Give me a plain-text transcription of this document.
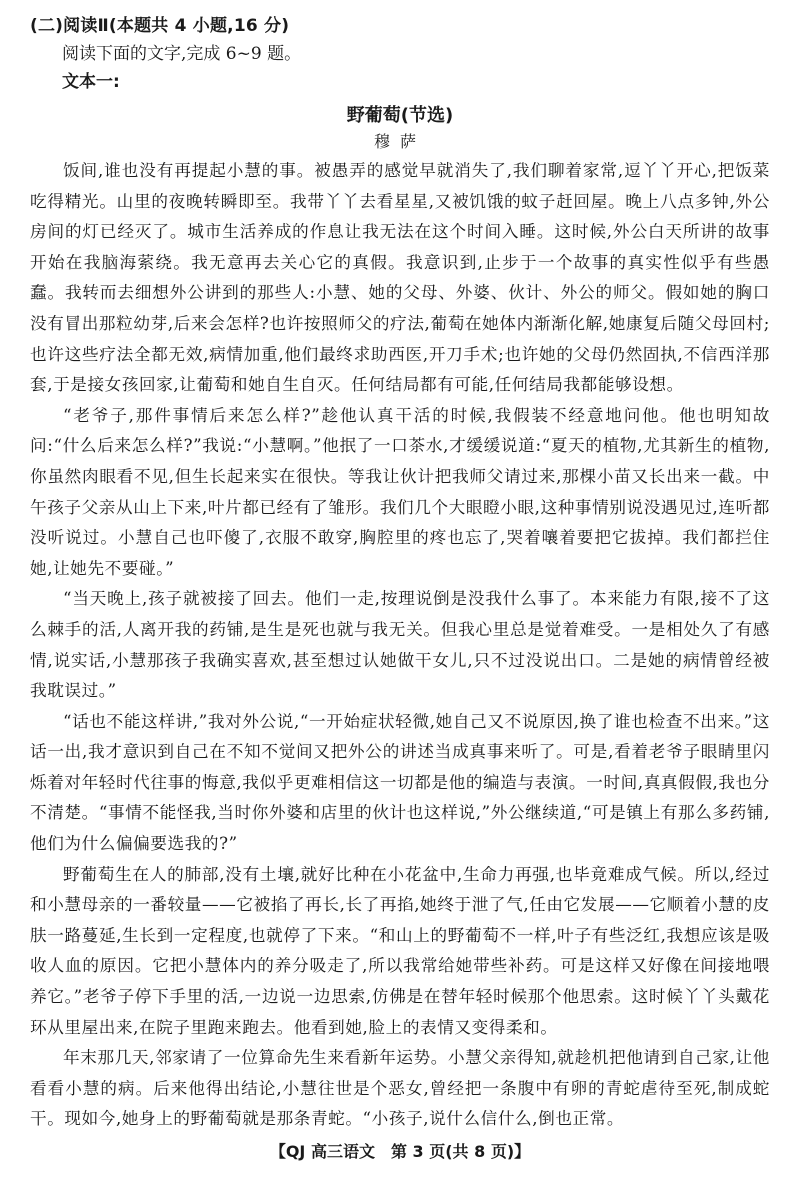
(二)阅读Ⅱ(本题共 4 小题,16 分)

阅读下面的文字,完成 6~9 题。

文本一:

野葡萄(节选)
穆萨

饭间,谁也没有再提起小慧的事。被愚弄的感觉早就消失了,我们聊着家常,逗丫丫开心,把饭菜吃得精光。山里的夜晚转瞬即至。我带丫丫去看星星,又被饥饿的蚊子赶回屋。晚上八点多钟,外公房间的灯已经灭了。城市生活养成的作息让我无法在这个时间入睡。这时候,外公白天所讲的故事开始在我脑海萦绕。我无意再去关心它的真假。我意识到,止步于一个故事的真实性似乎有些愚蠢。我转而去细想外公讲到的那些人:小慧、她的父母、外婆、伙计、外公的师父。假如她的胸口没有冒出那粒幼芽,后来会怎样?也许按照师父的疗法,葡萄在她体内渐渐化解,她康复后随父母回村;也许这些疗法全都无效,病情加重,他们最终求助西医,开刀手术;也许她的父母仍然固执,不信西洋那套,于是接女孩回家,让葡萄和她自生自灭。任何结局都有可能,任何结局我都能够设想。

“老爷子,那件事情后来怎么样?”趁他认真干活的时候,我假装不经意地问他。他也明知故问:“什么后来怎么样?”我说:“小慧啊。”他抿了一口茶水,才缓缓说道:“夏天的植物,尤其新生的植物,你虽然肉眼看不见,但生长起来实在很快。等我让伙计把我师父请过来,那棵小苗又长出来一截。中午孩子父亲从山上下来,叶片都已经有了雏形。我们几个大眼瞪小眼,这种事情别说没遇见过,连听都没听说过。小慧自己也吓傻了,衣服不敢穿,胸腔里的疼也忘了,哭着嚷着要把它拔掉。我们都拦住她,让她先不要碰。”

“当天晚上,孩子就被接了回去。他们一走,按理说倒是没我什么事了。本来能力有限,接不了这么棘手的活,人离开我的药铺,是生是死也就与我无关。但我心里总是觉着难受。一是相处久了有感情,说实话,小慧那孩子我确实喜欢,甚至想过认她做干女儿,只不过没说出口。二是她的病情曾经被我耽误过。”

“话也不能这样讲,”我对外公说,“一开始症状轻微,她自己又不说原因,换了谁也检查不出来。”这话一出,我才意识到自己在不知不觉间又把外公的讲述当成真事来听了。可是,看着老爷子眼睛里闪烁着对年轻时代往事的悔意,我似乎更难相信这一切都是他的编造与表演。一时间,真真假假,我也分不清楚。“事情不能怪我,当时你外婆和店里的伙计也这样说,”外公继续道,“可是镇上有那么多药铺,他们为什么偏偏要选我的?”

野葡萄生在人的肺部,没有土壤,就好比种在小花盆中,生命力再强,也毕竟难成气候。所以,经过和小慧母亲的一番较量——它被掐了再长,长了再掐,她终于泄了气,任由它发展——它顺着小慧的皮肤一路蔓延,生长到一定程度,也就停了下来。“和山上的野葡萄不一样,叶子有些泛红,我想应该是吸收人血的原因。它把小慧体内的养分吸走了,所以我常给她带些补药。可是这样又好像在间接地喂养它。”老爷子停下手里的活,一边说一边思索,仿佛是在替年轻时候那个他思索。这时候丫丫头戴花环从里屋出来,在院子里跑来跑去。他看到她,脸上的表情又变得柔和。

年末那几天,邻家请了一位算命先生来看新年运势。小慧父亲得知,就趁机把他请到自己家,让他看看小慧的病。后来他得出结论,小慧往世是个恶女,曾经把一条腹中有卵的青蛇虐待至死,制成蛇干。现如今,她身上的野葡萄就是那条青蛇。“小孩子,说什么信什么,倒也正常。

【QJ 高三语文 第 3 页(共 8 页)】
